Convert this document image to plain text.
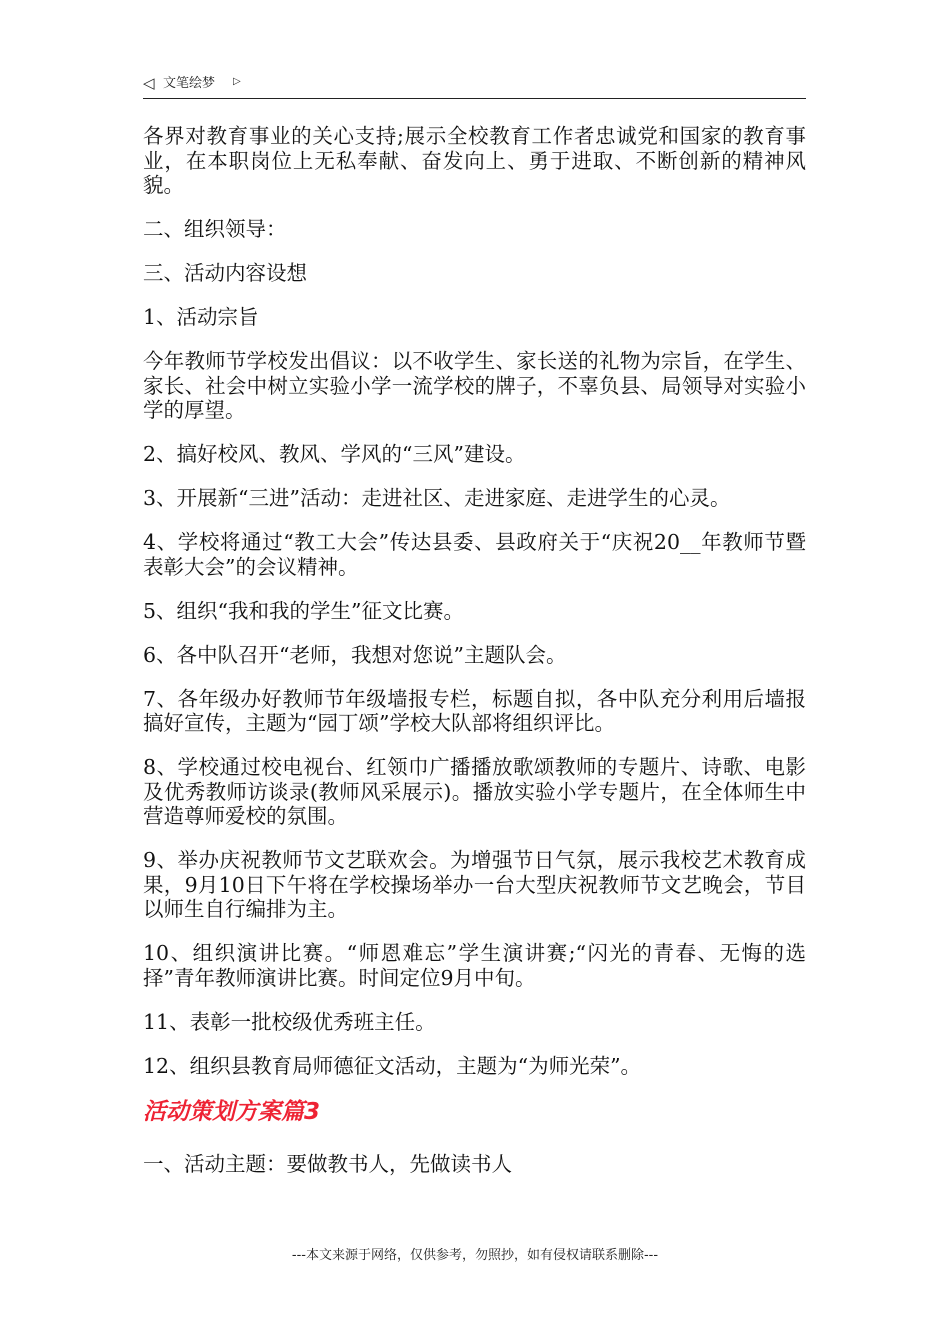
◁ 文笔绘梦 ▷

各界对教育事业的关心支持;展示全校教育工作者忠诚党和国家的教育事业，在本职岗位上无私奉献、奋发向上、勇于进取、不断创新的精神风貌。

二、组织领导：

三、活动内容设想

1、活动宗旨

今年教师节学校发出倡议：以不收学生、家长送的礼物为宗旨，在学生、家长、社会中树立实验小学一流学校的牌子，不辜负县、局领导对实验小学的厚望。

2、搞好校风、教风、学风的“三风”建设。

3、开展新“三进”活动：走进社区、走进家庭、走进学生的心灵。

4、学校将通过“教工大会”传达县委、县政府关于“庆祝20__年教师节暨表彰大会”的会议精神。

5、组织“我和我的学生”征文比赛。

6、各中队召开“老师，我想对您说”主题队会。

7、各年级办好教师节年级墙报专栏，标题自拟，各中队充分利用后墙报搞好宣传，主题为“园丁颂”学校大队部将组织评比。

8、学校通过校电视台、红领巾广播播放歌颂教师的专题片、诗歌、电影及优秀教师访谈录(教师风采展示)。播放实验小学专题片，在全体师生中营造尊师爱校的氛围。

9、举办庆祝教师节文艺联欢会。为增强节日气氛，展示我校艺术教育成果，9月10日下午将在学校操场举办一台大型庆祝教师节文艺晚会，节目以师生自行编排为主。

10、组织演讲比赛。“师恩难忘”学生演讲赛;“闪光的青春、无悔的选择”青年教师演讲比赛。时间定位9月中旬。

11、表彰一批校级优秀班主任。

12、组织县教育局师德征文活动，主题为“为师光荣”。

活动策划方案篇3

一、活动主题：要做教书人，先做读书人

---本文来源于网络，仅供参考，勿照抄，如有侵权请联系删除---
